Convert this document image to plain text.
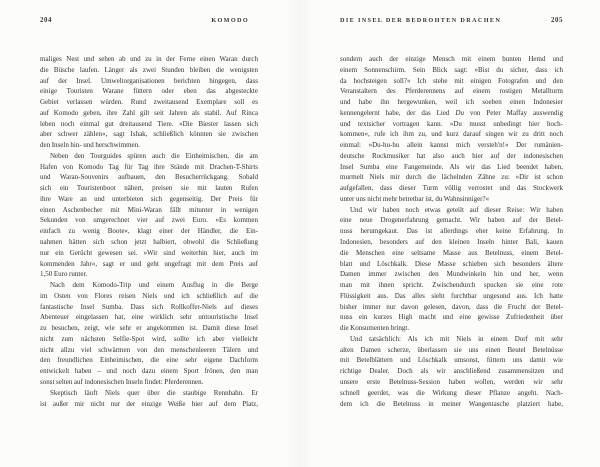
204	KOMODO
maliges Nest und sehen ab und zu in der Ferne einen Waran durch
die Büsche laufen. Länger als zwei Stunden bleiben die wenigsten
auf der Insel. Umweltorganisationen berichten hingegen, dass
einige Touristen Warane füttern oder eben das abgesteckte
Gebiet verlassen würden. Rund zweitausend Exemplare soll es
auf Komodo geben, ihre Zahl gilt seit Jahren als stabil. Auf Rinca
leben noch einmal gut dreitausend Tiere. »Die Biester lassen sich
aber schwer zählen«, sagt Ishak, schließlich könnten sie zwischen
den Inseln hin- und herschwimmen.
Neben den Tourguides spüren auch die Einheimischen, die am
Hafen von Komodo Tag für Tag ihre Stände mit Drachen-T-Shirts
und Waran-Souvenirs aufbauen, den Besucherrückgang. Sobald
sich ein Touristenboot nähert, preisen sie mit lauten Rufen
ihre Ware an und unterbieten sich gegenseitig. Der Preis für
einen Aschenbecher mit Mini-Waran fällt mitunter in wenigen
Sekunden von umgerechnet vier auf zwei Euro. »Es kommen
einfach zu wenig Boote«, klagt einer der Händler, die Ein-
nahmen hätten sich schon jetzt halbiert, obwohl die Schließung
nur ein Gerücht gewesen sei. »Wir sind weiterhin hier, auch im
kommenden Jahr«, sagt er und geht ungefragt mit dem Preis auf
1,50 Euro runter.
Nach dem Komodo-Trip und einem Ausflug in die Berge
im Osten von Flores reisen Niels und ich schließlich auf die
fantastische Insel Sumba. Dass sich Rollkoffer-Niels auf dieses
Abenteuer eingelassen hat, eine wirklich sehr untouristische Insel
zu besuchen, zeigt, wie sehr er angekommen ist. Damit diese Insel
nicht zum nächsten Selfie-Spot wird, sollte ich aber vielleicht
nicht allzu viel schwärmen von den menschenleeren Tälern und
den freundlichen Einheimischen, die eine sehr eigene Dachform
entwickelt haben – und noch dazu einem Sport frönen, den man
sonst selten auf indonesischen Inseln findet: Pferderennen.
Skeptisch läuft Niels quer über die staubige Rennbahn. Er
ist außer mir nicht nur der einzige Weiße hier auf dem Platz,
DIE INSEL DER BEDROHTEN DRACHEN	205
sondern auch der einzige Mensch mit einem bunten Hemd und
einem Sonnenschirm. Sein Blick sagt: »Bist du sicher, dass ich
da hochsteigen soll?« Ich stehe mit einigen Fotografen und den
Veranstaltern des Pferderennens auf einem rostigen Metallturm
und habe ihn hergewunken, weil ich soeben einen Indonesier
kennengelernt habe, der das Lied Du von Peter Maffay auswendig
und textsicher vortragen kann. »Du musst unbedingt hier hoch-
kommen«, rufe ich ihm zu, und kurz darauf singen wir zu dritt noch
einmal: »Du-hu-hu allein kannst mich versteh'n!« Der rumänien-
deutsche Rockmusiker hat also auch hier auf der indonesischen
Insel Sumba eine Fangemeinde. Als wir das Lied beendet haben,
murmelt Niels mir durch die lächelnden Zähne zu: »Dir ist schon
aufgefallen, dass dieser Turm völlig verrostet und das Stockwerk
unter uns nicht mehr betretbar ist, du Wahnsinniger?«
Und wir haben noch etwas geteilt auf dieser Reise: Wir haben
eine neue Drogenerfahrung gemacht. Wir haben auf der Betel-
nuss herumgekaut. Das ist allerdings eher keine Erfahrung. In
Indonesien, besonders auf den kleinen Inseln hinter Bali, kauen
die Menschen eine seltsame Masse aus Betelnuss, einem Betel-
blatt und Löschkalk. Diese Masse schieben sich besonders ältere
Damen immer zwischen den Mundwinkeln hin und her, wenn
man mit ihnen spricht. Zwischendurch spucken sie eine rote
Flüssigkeit aus. Das alles sieht furchtbar ungesund aus. Ich hatte
bisher immer nur davon gelesen, davon, dass die Frucht der Betel-
nuss ein kurzes High macht und eine gewisse Zufriedenheit über
die Konsumenten bringt.
Und tatsächlich: Als ich mit Niels in einem Dorf mit sehr
alten Damen scherze, überlassen sie uns einen Beutel Betelnüsse
mit Betelblättern und Löschkalk umsonst, füttern uns damit wie
richtige Dealer. Doch als wir anschließend zusammensitzen und
unsere erste Betelnuss-Session haben wollen, werden wir sehr
schnell geerdet, was die Wirkung dieser Pflanze angeht. Nach-
dem ich die Betelnuss in meiner Wangentasche platziert habe,
